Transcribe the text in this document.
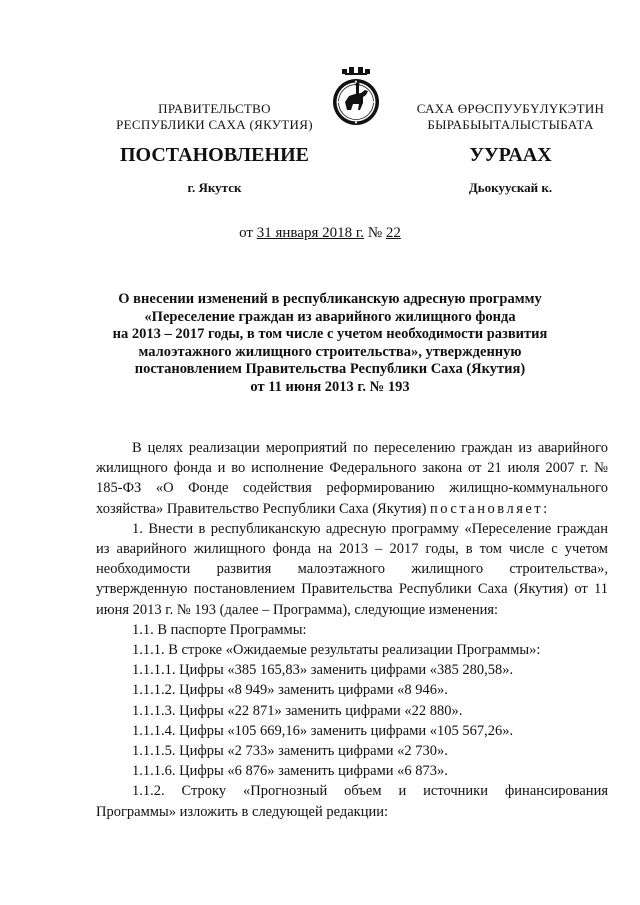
ПРАВИТЕЛЬСТВО
РЕСПУБЛИКИ САХА (ЯКУТИЯ)
САХА ӨРӨСПУУБҮЛҮКЭТИН
БЫРАБЫЫТАЛЫСТЫБАТА
ПОСТАНОВЛЕНИЕ	УУРААХ
г. Якутск	Дьокуускай к.
от 31 января 2018 г. № 22
О внесении изменений в республиканскую адресную программу
«Переселение граждан из аварийного жилищного фонда
на 2013 – 2017 годы, в том числе с учетом необходимости развития
малоэтажного жилищного строительства», утвержденную
постановлением Правительства Республики Саха (Якутия)
от 11 июня 2013 г. № 193

В целях реализации мероприятий по переселению граждан из аварийного жилищного фонда и во исполнение Федерального закона от 21 июля 2007 г. № 185-ФЗ «О Фонде содействия реформированию жилищно-коммунального хозяйства» Правительство Республики Саха (Якутия) постановляет:

1. Внести в республиканскую адресную программу «Переселение граждан из аварийного жилищного фонда на 2013 – 2017 годы, в том числе с учетом необходимости развития малоэтажного жилищного строительства», утвержденную постановлением Правительства Республики Саха (Якутия) от 11 июня 2013 г. № 193 (далее – Программа), следующие изменения:

1.1. В паспорте Программы:

1.1.1. В строке «Ожидаемые результаты реализации Программы»:

1.1.1.1. Цифры «385 165,83» заменить цифрами «385 280,58».

1.1.1.2. Цифры «8 949» заменить цифрами «8 946».

1.1.1.3. Цифры «22 871» заменить цифрами «22 880».

1.1.1.4. Цифры «105 669,16» заменить цифрами «105 567,26».

1.1.1.5. Цифры «2 733» заменить цифрами «2 730».

1.1.1.6. Цифры «6 876» заменить цифрами «6 873».

1.1.2. Строку «Прогнозный объем и источники финансирования Программы» изложить в следующей редакции:
